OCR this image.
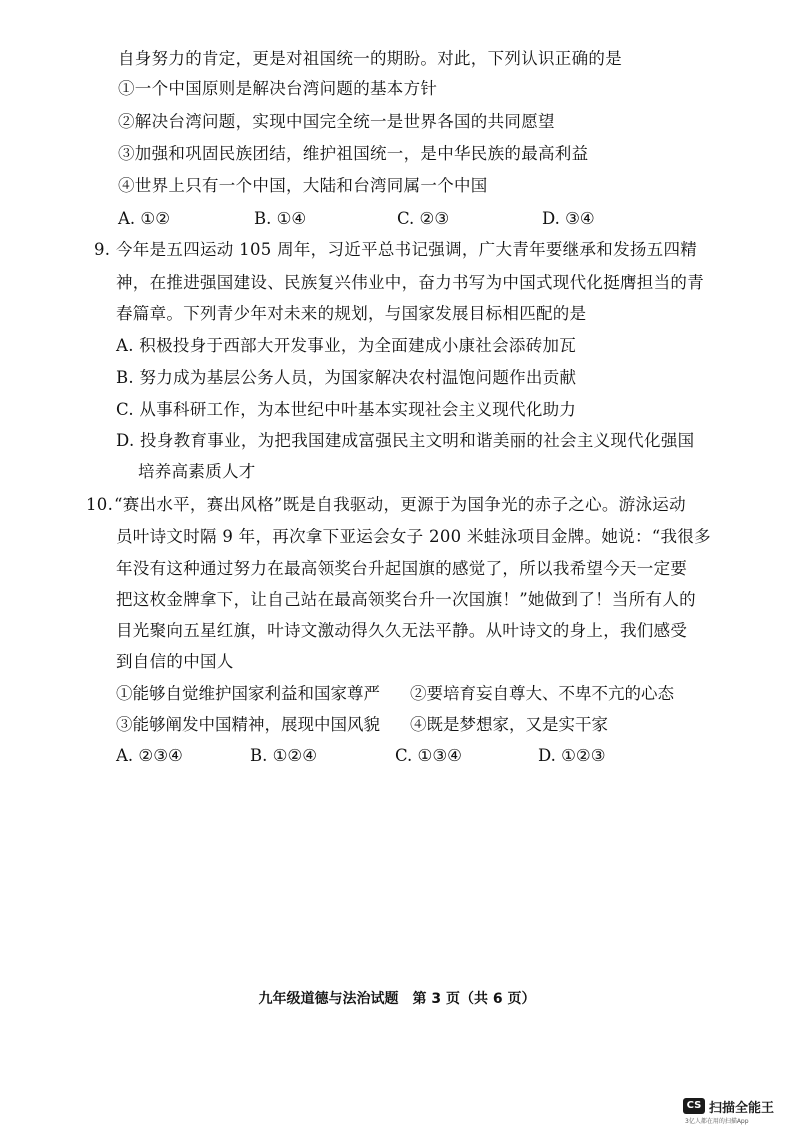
自身努力的肯定，更是对祖国统一的期盼。对此，下列认识正确的是
①一个中国原则是解决台湾问题的基本方针
②解决台湾问题，实现中国完全统一是世界各国的共同愿望
③加强和巩固民族团结，维护祖国统一，是中华民族的最高利益
④世界上只有一个中国，大陆和台湾同属一个中国
A. ①②	B. ①④	C. ②③	D. ③④
9. 今年是五四运动 105 周年，习近平总书记强调，广大青年要继承和发扬五四精
神，在推进强国建设、民族复兴伟业中，奋力书写为中国式现代化挺膺担当的青
春篇章。下列青少年对未来的规划，与国家发展目标相匹配的是
A. 积极投身于西部大开发事业，为全面建成小康社会添砖加瓦
B. 努力成为基层公务人员，为国家解决农村温饱问题作出贡献
C. 从事科研工作，为本世纪中叶基本实现社会主义现代化助力
D. 投身教育事业，为把我国建成富强民主文明和谐美丽的社会主义现代化强国
培养高素质人才
10. “赛出水平，赛出风格”既是自我驱动，更源于为国争光的赤子之心。游泳运动
员叶诗文时隔 9 年，再次拿下亚运会女子 200 米蛙泳项目金牌。她说：“我很多
年没有这种通过努力在最高领奖台升起国旗的感觉了，所以我希望今天一定要
把这枚金牌拿下，让自己站在最高领奖台升一次国旗！”她做到了！当所有人的
目光聚向五星红旗，叶诗文激动得久久无法平静。从叶诗文的身上，我们感受
到自信的中国人
①能够自觉维护国家利益和国家尊严 ②要培育妄自尊大、不卑不亢的心态
③能够阐发中国精神，展现中国风貌 ④既是梦想家，又是实干家
A. ②③④	B. ①②④	C. ①③④	D. ①②③
九年级道德与法治试题　第 3 页（共 6 页）
CS 扫描全能王
3亿人都在用的扫描App
